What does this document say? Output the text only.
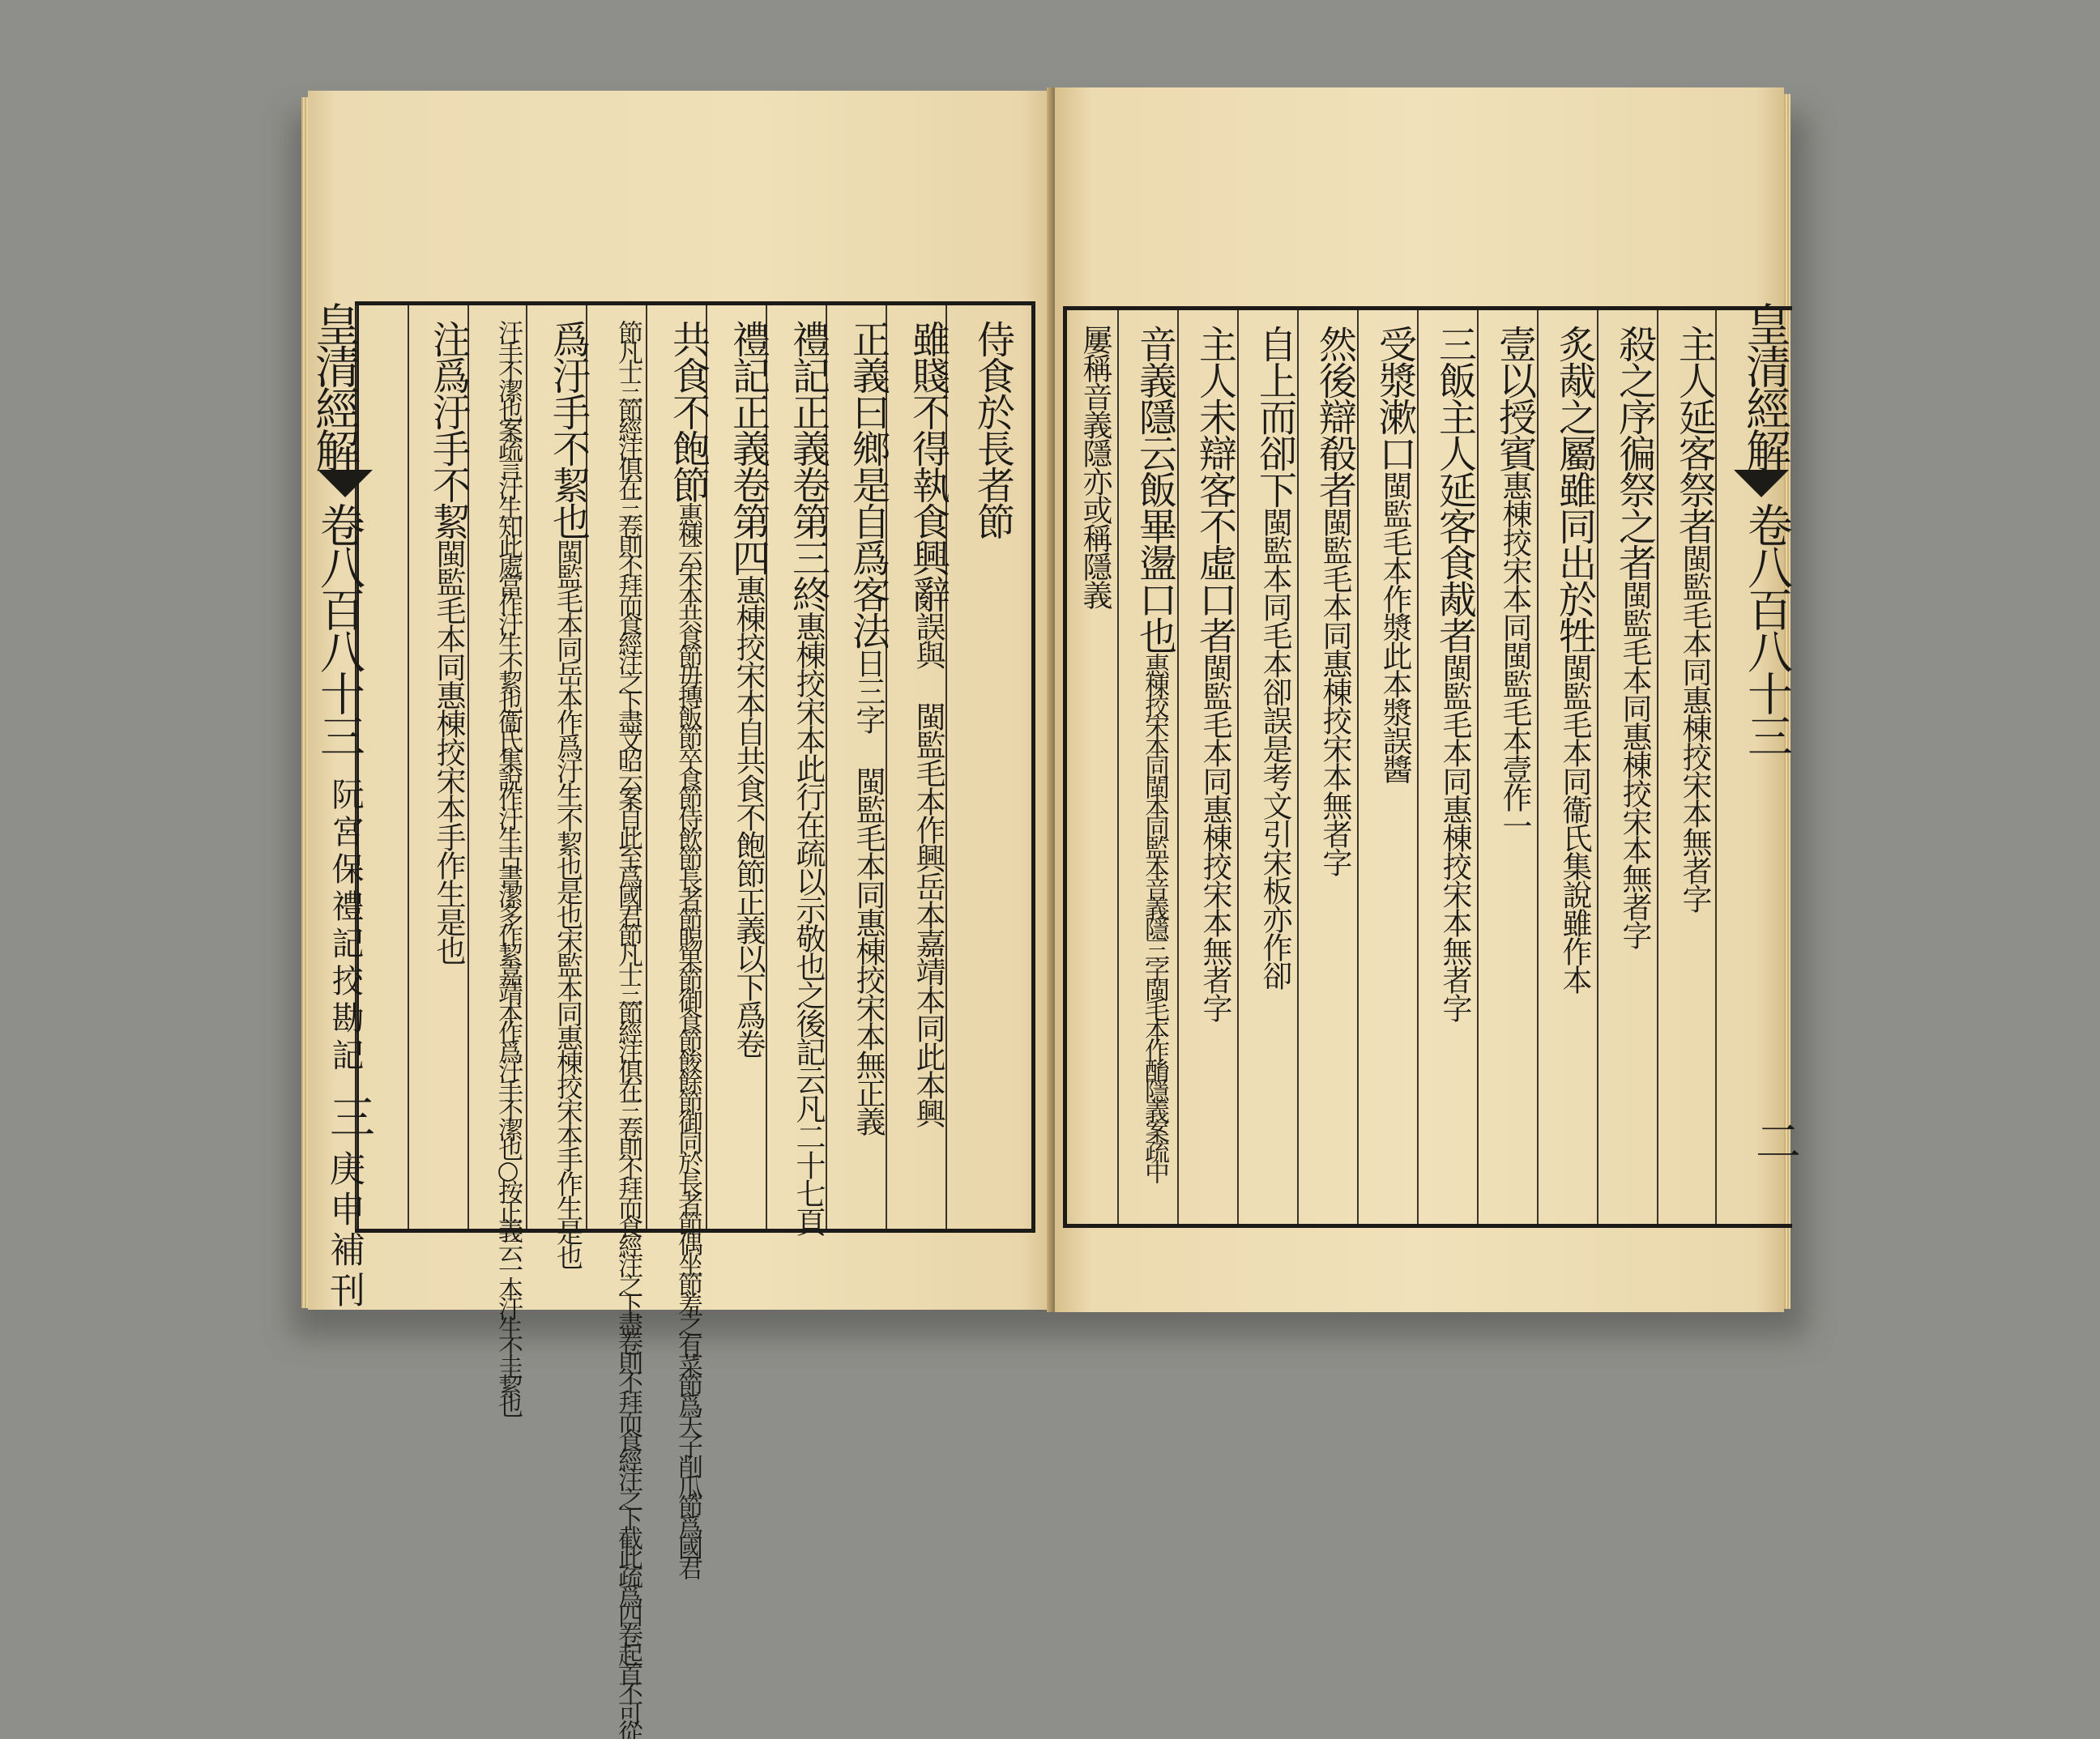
侍食於長者節
雖賤不得執食興辭誤與 閩監毛本作興岳本嘉靖本同此本興
正義曰鄉是自爲客法日三字 閩監毛本同惠棟挍宋本無正義
禮記正義卷第三終惠棟挍宋本此行在疏以示敬也之後記云凡二十七頁
禮記正義卷第四惠棟挍宋本自共食不飽節正義以下爲卷
共食不飽節惠棟云宋本共食節毋摶飯節卒食節侍飲節長者節賜果節御食節餕餘節御同於長者節偶坐節羞之有菜節爲天子削瓜節爲國君
節凡十三節經注俱在三卷則不拜而食經注之下盡文昭云案自此至爲國君節凡十三節經注俱在三卷則不拜而食經注之下盡卷則不拜而食經注之下截此疏爲四卷起首不可從
爲汙手不絜也閩監毛本同岳本作爲汙生不絜也是也宋監本同惠棟挍宋本手作生是也
汙手不潔也案疏言汙生知此處當作汙生不絜也衞氏集說作汙生古書潔多作絜嘉靖本作爲汙手不潔也○按正義云一本汙生不圭絜也
注爲汙手不絜閩監毛本同惠棟挍宋本手作生是也
皇清經解
卷八百八十三
阮宮保禮記挍勘記
三
庚申補刊
主人延客祭者閩監毛本同惠棟挍宋本無者字
殺之序徧祭之者閩監毛本同惠棟挍宋本無者字
炙胾之屬雖同出於牲閩監毛本同衞氏集說雖作本
壹以授賓惠棟挍宋本同閩監毛本壹作一
三飯主人延客食胾者閩監毛本同惠棟挍宋本無者字
受漿漱口閩監毛本作漿此本漿誤醬
然後辯殽者閩監毛本同惠棟挍宋本無者字
自上而卻下閩監本同毛本卻誤是考文引宋板亦作卻
主人未辯客不虛口者閩監毛本同惠棟挍宋本無者字
音義隱云飯畢盪口也惠棟挍宋本同閩本同監本音義隱三字閩毛本作酳隱義案疏中
屢稱音義隱亦或稱隱義	皇清經解
卷八百八十三
二
